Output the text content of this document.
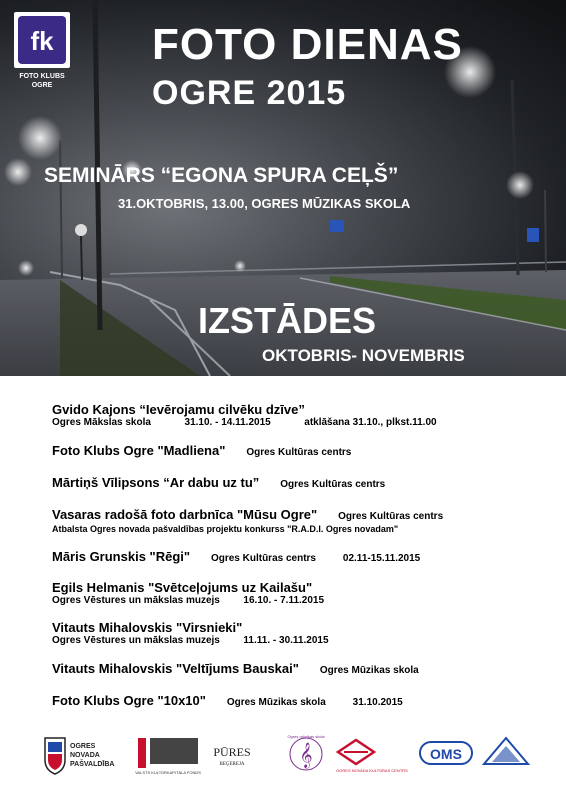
fk
FOTO KLUBS
OGRE
FOTO DIENAS
OGRE 2015
SEMINĀRS “EGONA SPURA CEĻŠ”
31.OKTOBRIS, 13.00, OGRES MŪZIKAS SKOLA
IZSTĀDES
OKTOBRIS- NOVEMBRIS
Gvido Kajons “Ievērojamu cilvēku dzīve”
Ogres Mākslas skola	31.10. - 14.11.2015	atklāšana 31.10., plkst.11.00
Foto Klubs Ogre "Madliena" Ogres Kultūras centrs
Mārtiņš Vīlipsons “Ar dabu uz tu” Ogres Kultūras centrs
Vasaras radošā foto darbnīca "Mūsu Ogre" Ogres Kultūras centrs
Atbalsta Ogres novada pašvaldības projektu konkurss "R.A.D.I. Ogres novadam"
Māris Grunskis "Rēgi" Ogres Kultūras centrs	02.11-15.11.2015
Egils Helmanis "Svētceļojums uz Kailašu"
Ogres Vēstures un mākslas muzejs 16.10. - 7.11.2015
Vitauts Mihalovskis "Virsnieki"
Ogres Vēstures un mākslas muzejs 11.11. - 30.11.2015
Vitauts Mihalovskis "Veltījums Bauskai" Ogres Mūzikas skola
Foto Klubs Ogre "10x10" Ogres Mūzikas skola	31.10.2015
OGRES
NOVADA
PAŠVALDĪBA
VALSTS KULTŪRKAPITĀLA FONDS
PŪRES
BEĢEREJA 𝄞
Ogres mūzikas skola
OGRES NOVADA KULTŪRAS CENTRS
OMS
